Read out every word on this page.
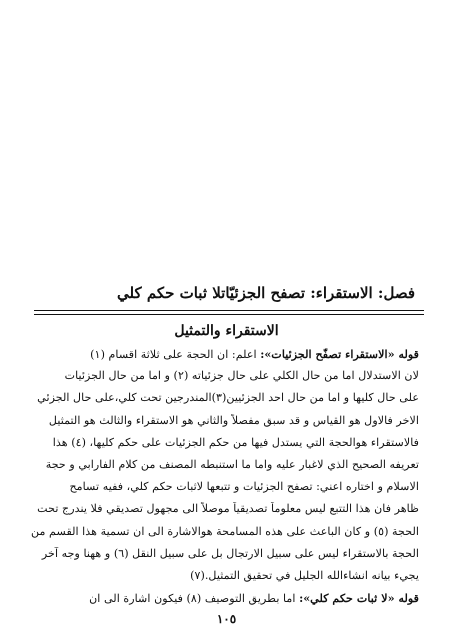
فصل: الاستقراء: تصفح الجزئيّاتلا ثبات حكم كلي
الاستقراء والتمثيل
قوله «الاستقراء تصفّح الجزئيات»: اعلم: ان الحجة على ثلاثة اقسام (١)
لان الاستدلال اما من حال الكلي على حال جزئياته (٢) و اما من حال الجزئيات
على حال كليها و اما من حال احد الجزئيين(٣)المندرجين تحت كلي،على حال الجزئي
الاخر فالاول هو القياس و قد سبق مفصلاً والثاني هو الاستقراء والثالث هو التمثيل
فالاستقراء هوالحجة التي يستدل فيها من حكم الجزئيات على حكم كليها، (٤) هذا
تعريفه الصحيح الذي لاغبار عليه واما ما استنبطه المصنف من كلام الفارابي و حجة
الاسلام و اختاره اعني: تصفح الجزئيات و تتبعها لاثبات حكم كلي، ففيه تسامح
ظاهر فان هذا التتبع ليس معلوماً تصديقياً موصلاً الى مجهول تصديقي فلا يندرج تحت
الحجة (٥) و كان الباعث على هذه المسامحة هوالاشارة الى ان تسمية هذا القسم من
الحجة بالاستقراء ليس على سبيل الارتجال بل على سبيل النقل (٦) و ههنا وجه آخر
يجيء بيانه انشاءالله الجليل في تحقيق التمثيل.(٧)
قوله «لا ثبات حكم كلي»: اما بطريق التوصيف (٨) فيكون اشارة الى ان
١٠٥
